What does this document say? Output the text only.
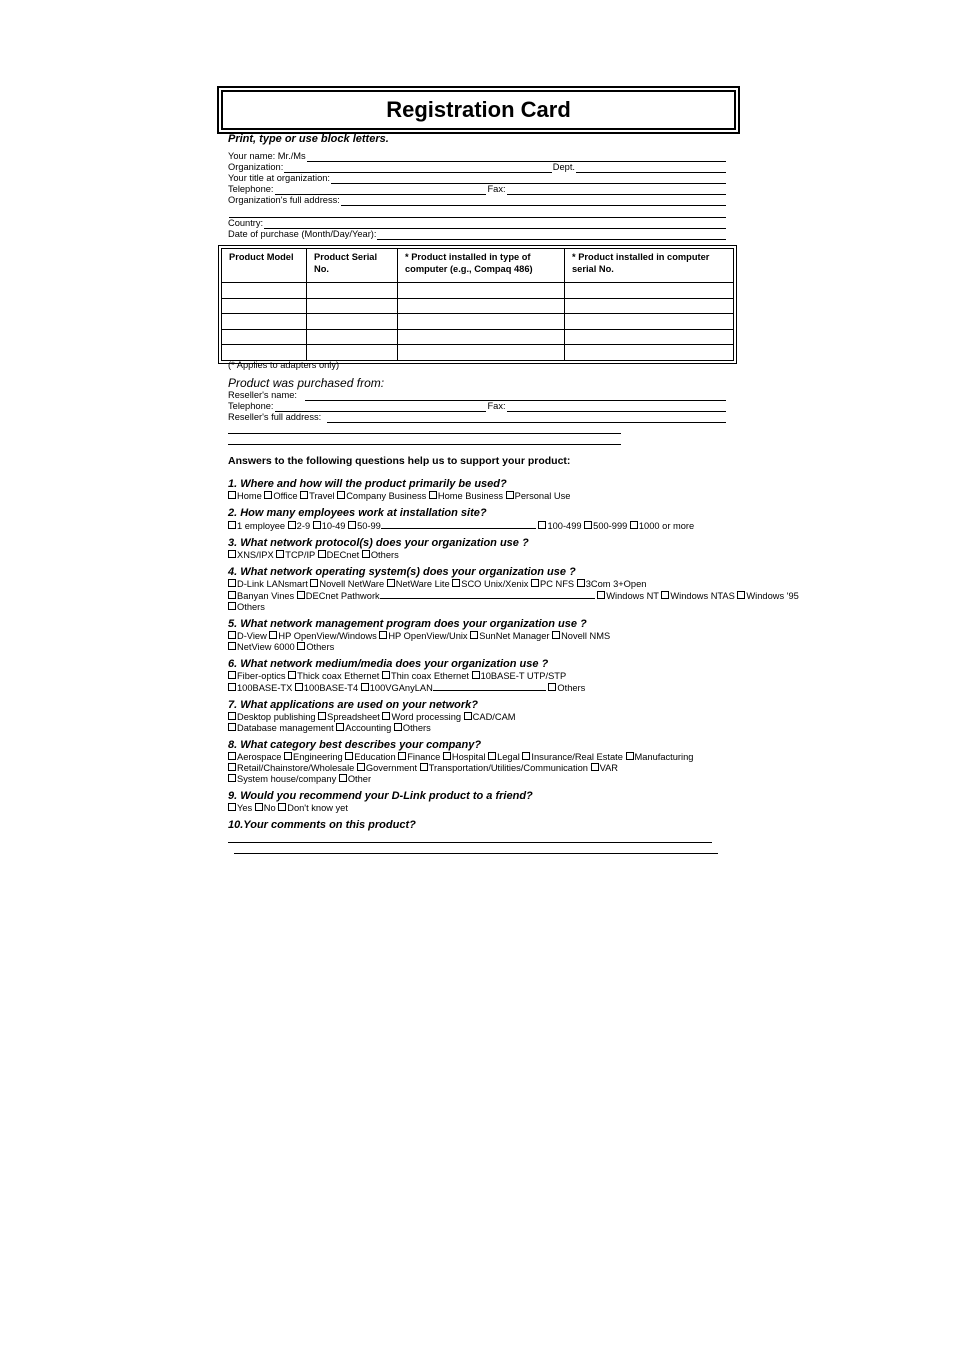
Registration Card
Print, type or use block letters.
Your name: Mr./Ms
Organization:	Dept.
Your title at organization:
Telephone:	Fax:
Organization's full address:
Country:
Date of purchase (Month/Day/Year):
Product Model	Product Serial No.	* Product installed in type of computer (e.g., Compaq 486)	* Product installed in computer serial No.

(* Applies to adapters only)
Product was purchased from:
Reseller's name:
Telephone:	Fax:
Reseller's full address:
Answers to the following questions help us to support your product:
1. Where and how will the product primarily be used?
Home Office Travel Company Business Home Business Personal Use
2. How many employees work at installation site?
1 employee 2-9 10-49 50-99	100-499 500-999 1000 or more
3. What network protocol(s) does your organization use ?
XNS/IPX TCP/IP DECnet Others
4. What network operating system(s) does your organization use ?
D-Link LANsmart Novell NetWare NetWare Lite SCO Unix/Xenix PC NFS 3Com 3+Open
Banyan Vines DECnet Pathwork	Windows NT Windows NTAS Windows '95
Others
5. What network management program does your organization use ?
D-View HP OpenView/Windows HP OpenView/Unix SunNet Manager Novell NMS
NetView 6000 Others
6. What network medium/media does your organization use ?
Fiber-optics Thick coax Ethernet Thin coax Ethernet 10BASE-T UTP/STP
100BASE-TX 100BASE-T4 100VGAnyLAN	Others
7. What applications are used on your network?
Desktop publishing Spreadsheet Word processing CAD/CAM
Database management Accounting Others
8. What category best describes your company?
Aerospace Engineering Education Finance Hospital Legal Insurance/Real Estate Manufacturing
Retail/Chainstore/Wholesale Government Transportation/Utilities/Communication VAR
System house/company Other
9. Would you recommend your D-Link product to a friend?
Yes No Don't know yet
10.Your comments on this product?
